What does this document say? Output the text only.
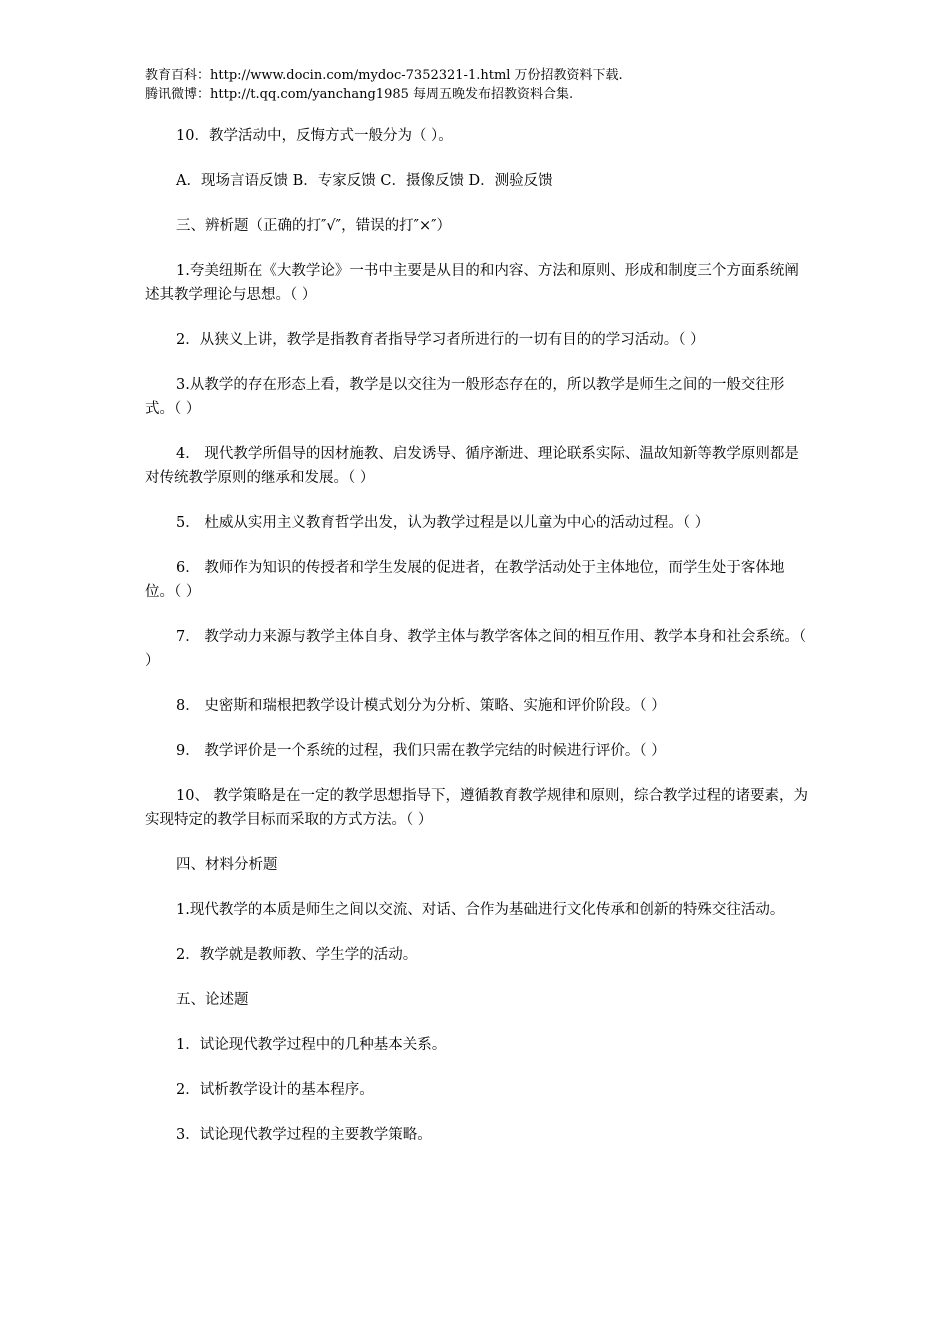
教育百科：http://www.docin.com/mydoc-7352321-1.html 万份招教资料下载.
腾讯微博：http://t.qq.com/yanchang1985 每周五晚发布招教资料合集.

10．教学活动中，反悔方式一般分为（ ）。

A．现场言语反馈 B．专家反馈 C．摄像反馈 D．测验反馈

三、辨析题（正确的打″√″，错误的打″×″）

1.夸美纽斯在《大教学论》一书中主要是从目的和内容、方法和原则、形成和制度三个方面系统阐述其教学理论与思想。（ ）

2．从狭义上讲，教学是指教育者指导学习者所进行的一切有目的的学习活动。（ ）

3.从教学的存在形态上看，教学是以交往为一般形态存在的，所以教学是师生之间的一般交往形式。（ ）

4． 现代教学所倡导的因材施教、启发诱导、循序渐进、理论联系实际、温故知新等教学原则都是对传统教学原则的继承和发展。（ ）

5． 杜威从实用主义教育哲学出发，认为教学过程是以儿童为中心的活动过程。（ ）

6． 教师作为知识的传授者和学生发展的促进者，在教学活动处于主体地位，而学生处于客体地位。（ ）

7． 教学动力来源与教学主体自身、教学主体与教学客体之间的相互作用、教学本身和社会系统。（ ）

8． 史密斯和瑞根把教学设计模式划分为分析、策略、实施和评价阶段。（ ）

9． 教学评价是一个系统的过程，我们只需在教学完结的时候进行评价。（ ）

10、 教学策略是在一定的教学思想指导下，遵循教育教学规律和原则，综合教学过程的诸要素，为实现特定的教学目标而采取的方式方法。（ ）

四、材料分析题

1.现代教学的本质是师生之间以交流、对话、合作为基础进行文化传承和创新的特殊交往活动。

2．教学就是教师教、学生学的活动。

五、论述题

1．试论现代教学过程中的几种基本关系。

2．试析教学设计的基本程序。

3．试论现代教学过程的主要教学策略。
